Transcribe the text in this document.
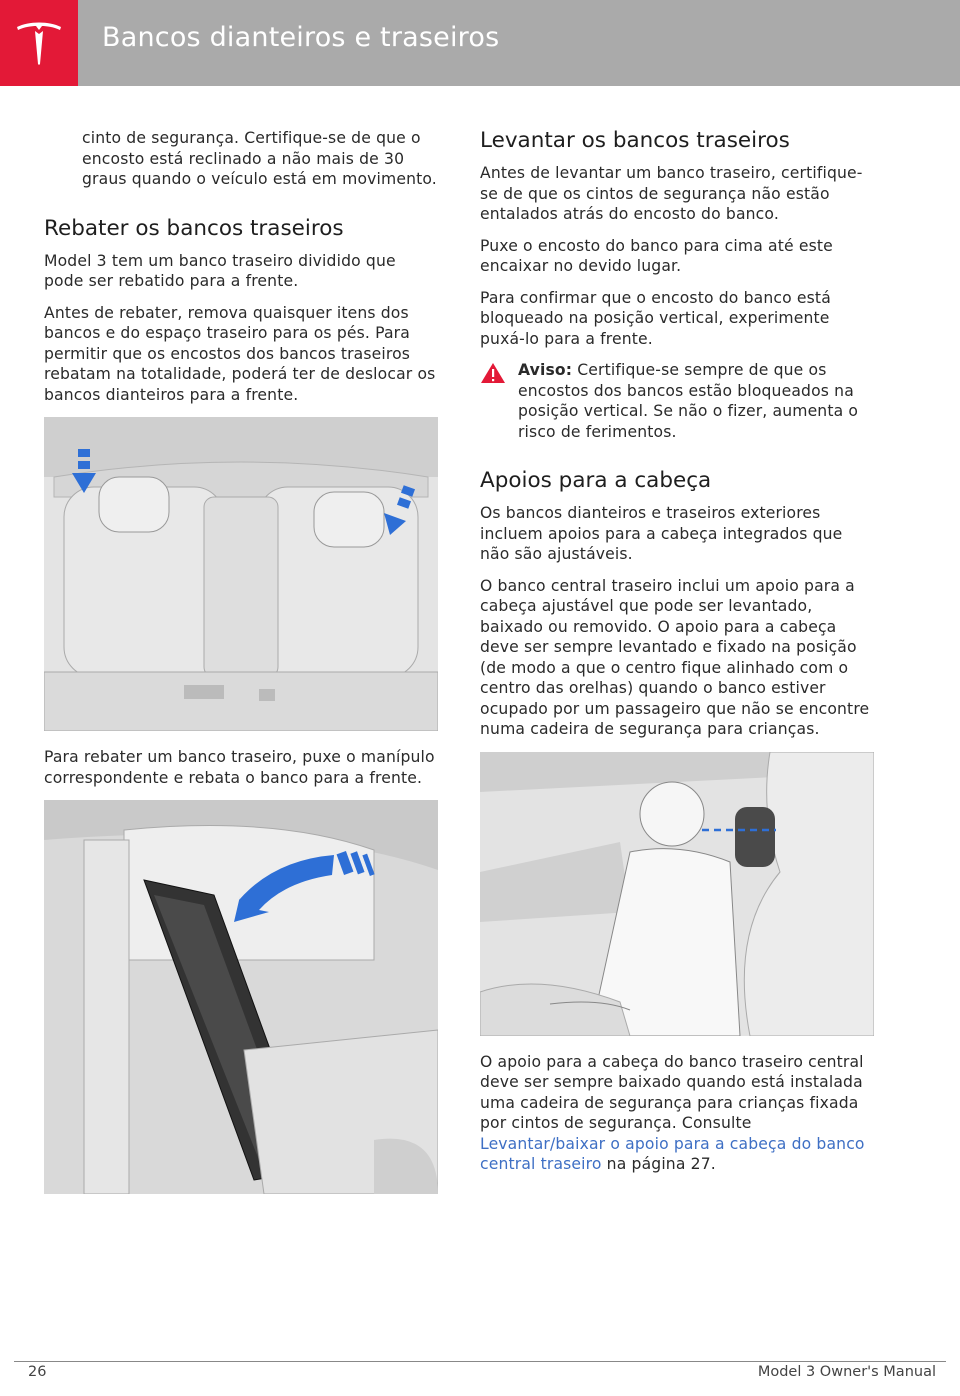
Bancos dianteiros e traseiros

cinto de segurança. Certifique-se de que o encosto está reclinado a não mais de 30 graus quando o veículo está em movimento.

Rebater os bancos traseiros

Model 3 tem um banco traseiro dividido que pode ser rebatido para a frente.

Antes de rebater, remova quaisquer itens dos bancos e do espaço traseiro para os pés. Para permitir que os encostos dos bancos traseiros rebatam na totalidade, poderá ter de deslocar os bancos dianteiros para a frente.

Para rebater um banco traseiro, puxe o manípulo correspondente e rebata o banco para a frente.

Levantar os bancos traseiros

Antes de levantar um banco traseiro, certifique-se de que os cintos de segurança não estão entalados atrás do encosto do banco.

Puxe o encosto do banco para cima até este encaixar no devido lugar.

Para confirmar que o encosto do banco está bloqueado na posição vertical, experimente puxá-lo para a frente.

Aviso: Certifique-se sempre de que os encostos dos bancos estão bloqueados na posição vertical. Se não o fizer, aumenta o risco de ferimentos.

Apoios para a cabeça

Os bancos dianteiros e traseiros exteriores incluem apoios para a cabeça integrados que não são ajustáveis.

O banco central traseiro inclui um apoio para a cabeça ajustável que pode ser levantado, baixado ou removido. O apoio para a cabeça deve ser sempre levantado e fixado na posição (de modo a que o centro fique alinhado com o centro das orelhas) quando o banco estiver ocupado por um passageiro que não se encontre numa cadeira de segurança para crianças.

O apoio para a cabeça do banco traseiro central deve ser sempre baixado quando está instalada uma cadeira de segurança para crianças fixada por cintos de segurança. Consulte Levantar/baixar o apoio para a cabeça do banco central traseiro na página 27.

26	Model 3 Owner's Manual
